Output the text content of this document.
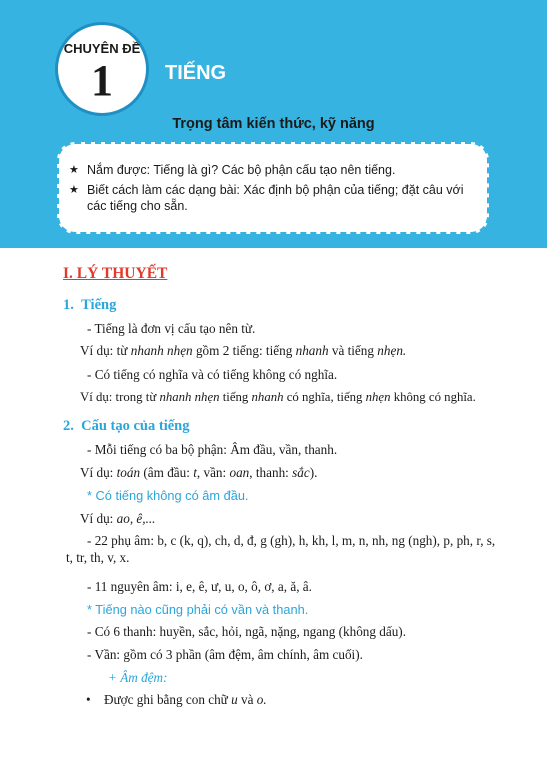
CHUYÊN ĐỀ
1	TIẾNG
Trọng tâm kiến thức, kỹ năng
★ Nắm được: Tiếng là gì? Các bộ phận cấu tạo nên tiếng.
★ Biết cách làm các dạng bài: Xác định bộ phận của tiếng; đặt câu với các tiếng cho sẵn.
I. LÝ THUYẾT
1.  Tiếng
- Tiếng là đơn vị cấu tạo nên từ.
Ví dụ: từ nhanh nhẹn gồm 2 tiếng: tiếng nhanh và tiếng nhẹn.
- Có tiếng có nghĩa và có tiếng không có nghĩa.
Ví dụ: trong từ nhanh nhẹn tiếng nhanh có nghĩa, tiếng nhẹn không có nghĩa.
2.  Cấu tạo của tiếng
- Mỗi tiếng có ba bộ phận: Âm đầu, vần, thanh.
Ví dụ: toán (âm đầu: t, vần: oan, thanh: sắc).
* Có tiếng không có âm đầu.
Ví dụ: ao, ê,...
- 22 phụ âm: b, c (k, q), ch, d, đ, g (gh), h, kh, l, m, n, nh, ng (ngh), p, ph, r, s, t, tr, th, v, x.
- 11 nguyên âm: i, e, ê, ư, u, o, ô, ơ, a, ă, â.
* Tiếng nào cũng phải có vần và thanh.
- Có 6 thanh: huyền, sắc, hỏi, ngã, nặng, ngang (không dấu).
- Vần: gồm có 3 phần (âm đệm, âm chính, âm cuối).
+ Âm đệm:
• Được ghi bằng con chữ u và o.
